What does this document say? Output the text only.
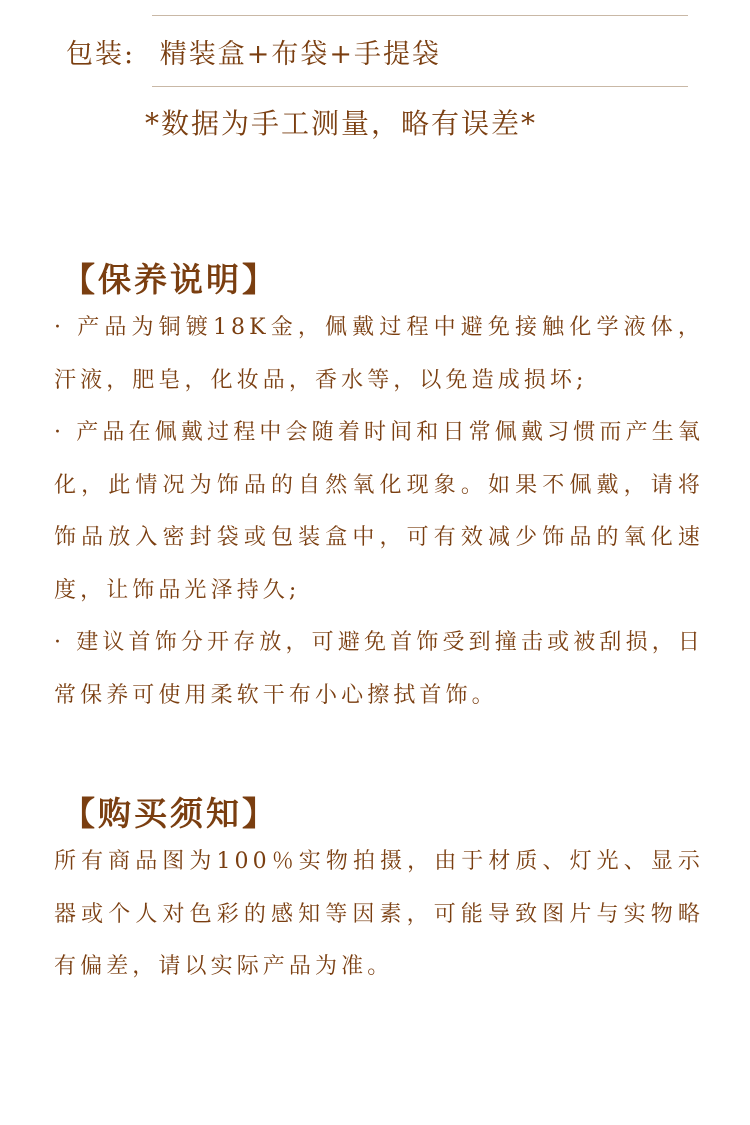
包装: 精装盒+布袋+手提袋
*数据为手工测量，略有误差*
【保养说明】

· 产品为铜镀18K金，佩戴过程中避免接触化学液体，汗液，肥皂，化妆品，香水等，以免造成损坏;

· 产品在佩戴过程中会随着时间和日常佩戴习惯而产生氧化，此情况为饰品的自然氧化现象。如果不佩戴，请将饰品放入密封袋或包装盒中，可有效减少饰品的氧化速度，让饰品光泽持久;

· 建议首饰分开存放，可避免首饰受到撞击或被刮损，日常保养可使用柔软干布小心擦拭首饰。

【购买须知】

所有商品图为100％实物拍摄，由于材质、灯光、显示器或个人对色彩的感知等因素，可能导致图片与实物略有偏差，请以实际产品为准。
